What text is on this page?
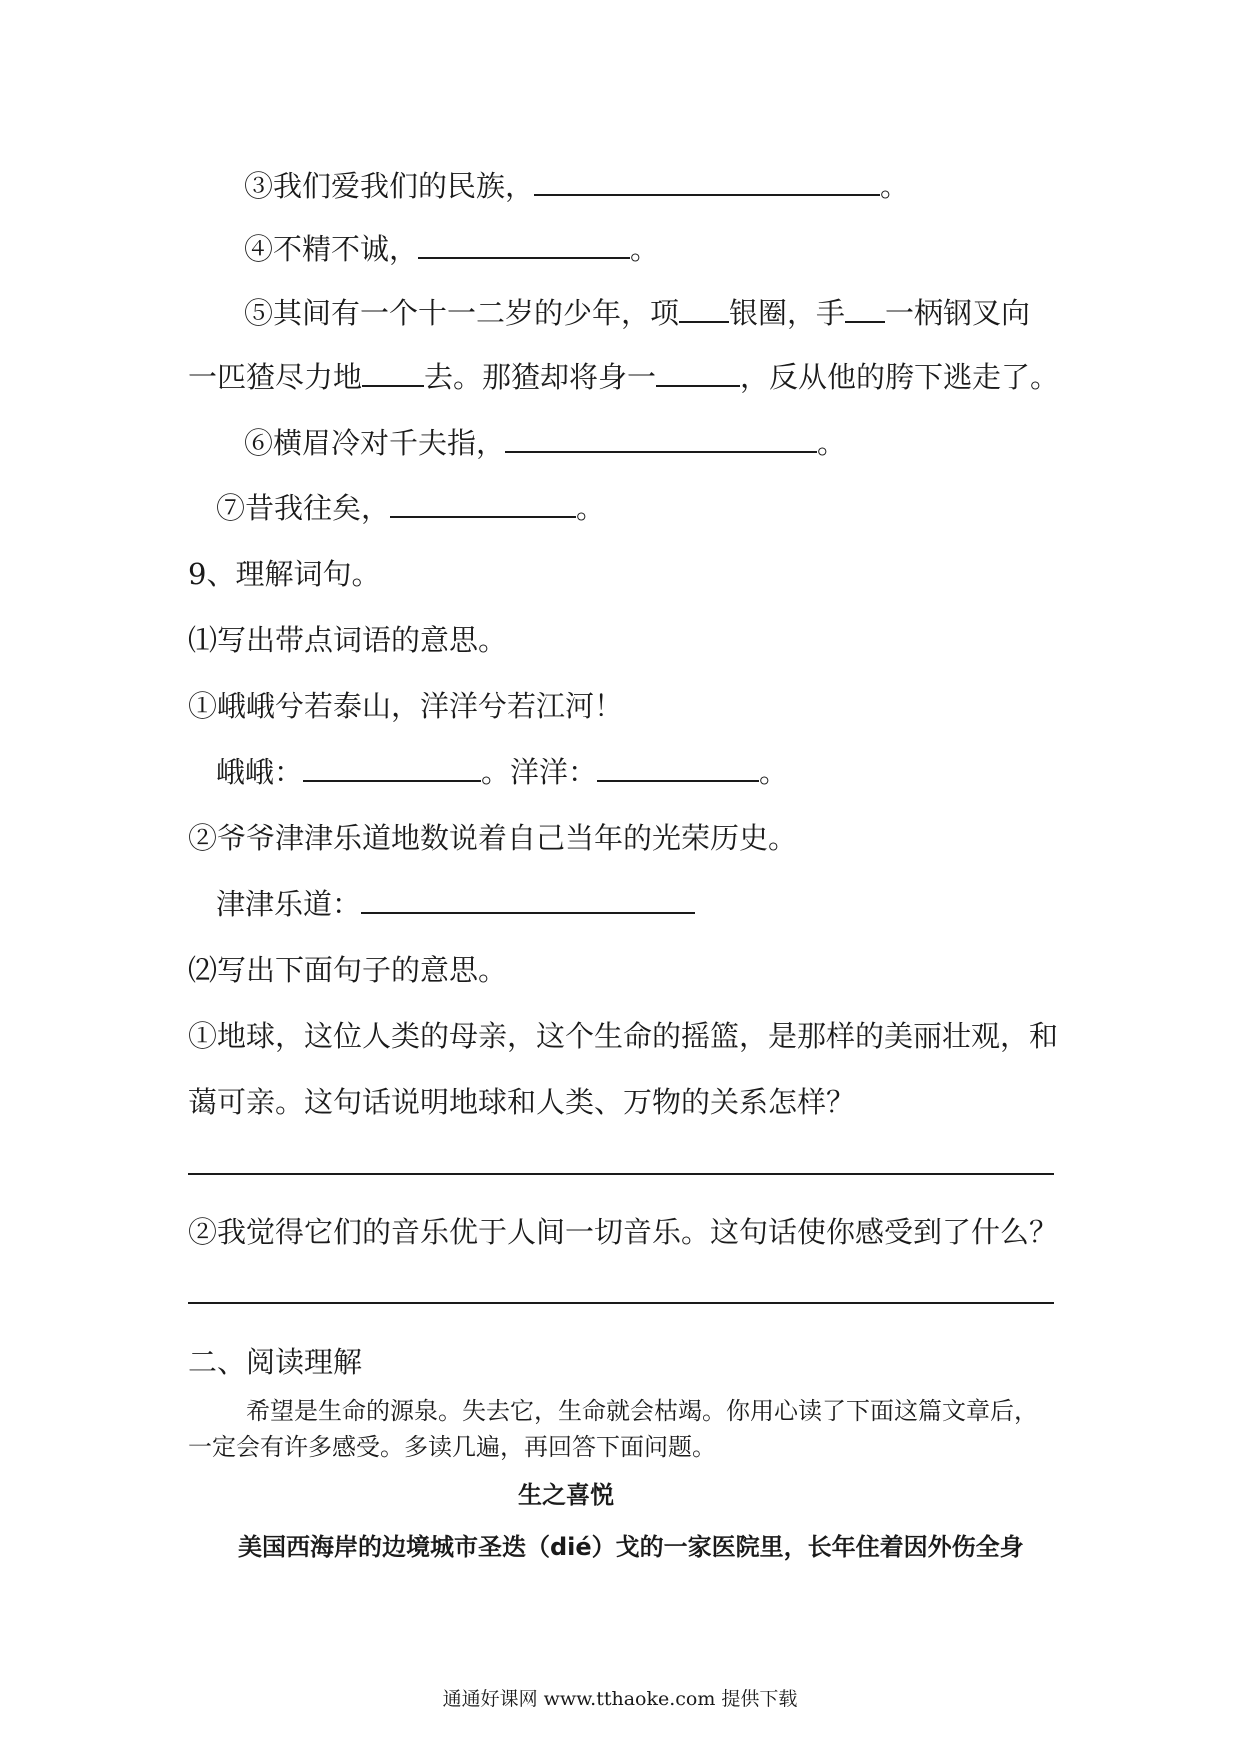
③我们爱我们的民族，	。
④不精不诚，	。
⑤其间有一个十一二岁的少年，项 银圈，手 一柄钢叉向
一匹猹尽力地 去。那猹却将身一	，反从他的胯下逃走了。
⑥横眉冷对千夫指，	。
⑦昔我往矣，	。
9、理解词句。
⑴写出带点词语的意思。
①峨峨兮若泰山，洋洋兮若江河！
峨峨：	。洋洋：	。
②爷爷津津乐道地数说着自己当年的光荣历史。
津津乐道：
⑵写出下面句子的意思。
①地球，这位人类的母亲，这个生命的摇篮，是那样的美丽壮观，和
蔼可亲。这句话说明地球和人类、万物的关系怎样？
②我觉得它们的音乐优于人间一切音乐。这句话使你感受到了什么？
二、阅读理解
希望是生命的源泉。失去它，生命就会枯竭。你用心读了下面这篇文章后，
一定会有许多感受。多读几遍，再回答下面问题。
生之喜悦
美国西海岸的边境城市圣迭（dié）戈的一家医院里，长年住着因外伤全身
通通好课网 www.tthaoke.com 提供下载
